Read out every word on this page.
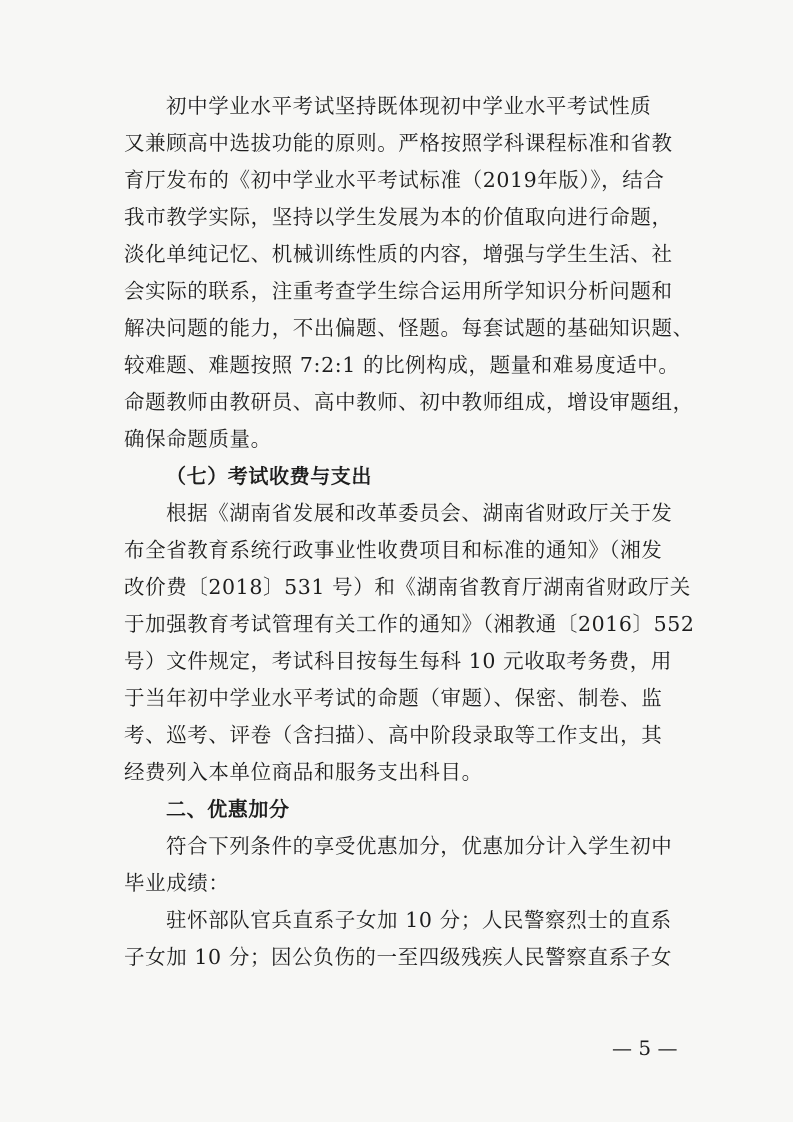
初中学业水平考试坚持既体现初中学业水平考试性质

又兼顾高中选拔功能的原则。严格按照学科课程标准和省教

育厅发布的《初中学业水平考试标准（2019年版）》，结合

我市教学实际，坚持以学生发展为本的价值取向进行命题，

淡化单纯记忆、机械训练性质的内容，增强与学生生活、社

会实际的联系，注重考查学生综合运用所学知识分析问题和

解决问题的能力，不出偏题、怪题。每套试题的基础知识题、

较难题、难题按照 7:2:1 的比例构成，题量和难易度适中。

命题教师由教研员、高中教师、初中教师组成，增设审题组，

确保命题质量。

（七）考试收费与支出

根据《湖南省发展和改革委员会、湖南省财政厅关于发

布全省教育系统行政事业性收费项目和标准的通知》（湘发

改价费〔2018〕531 号）和《湖南省教育厅湖南省财政厅关

于加强教育考试管理有关工作的通知》（湘教通〔2016〕552

号）文件规定，考试科目按每生每科 10 元收取考务费，用

于当年初中学业水平考试的命题（审题）、保密、制卷、监

考、巡考、评卷（含扫描）、高中阶段录取等工作支出，其

经费列入本单位商品和服务支出科目。

二、优惠加分

符合下列条件的享受优惠加分，优惠加分计入学生初中

毕业成绩：

驻怀部队官兵直系子女加 10 分；人民警察烈士的直系

子女加 10 分；因公负伤的一至四级残疾人民警察直系子女

— 5 —
